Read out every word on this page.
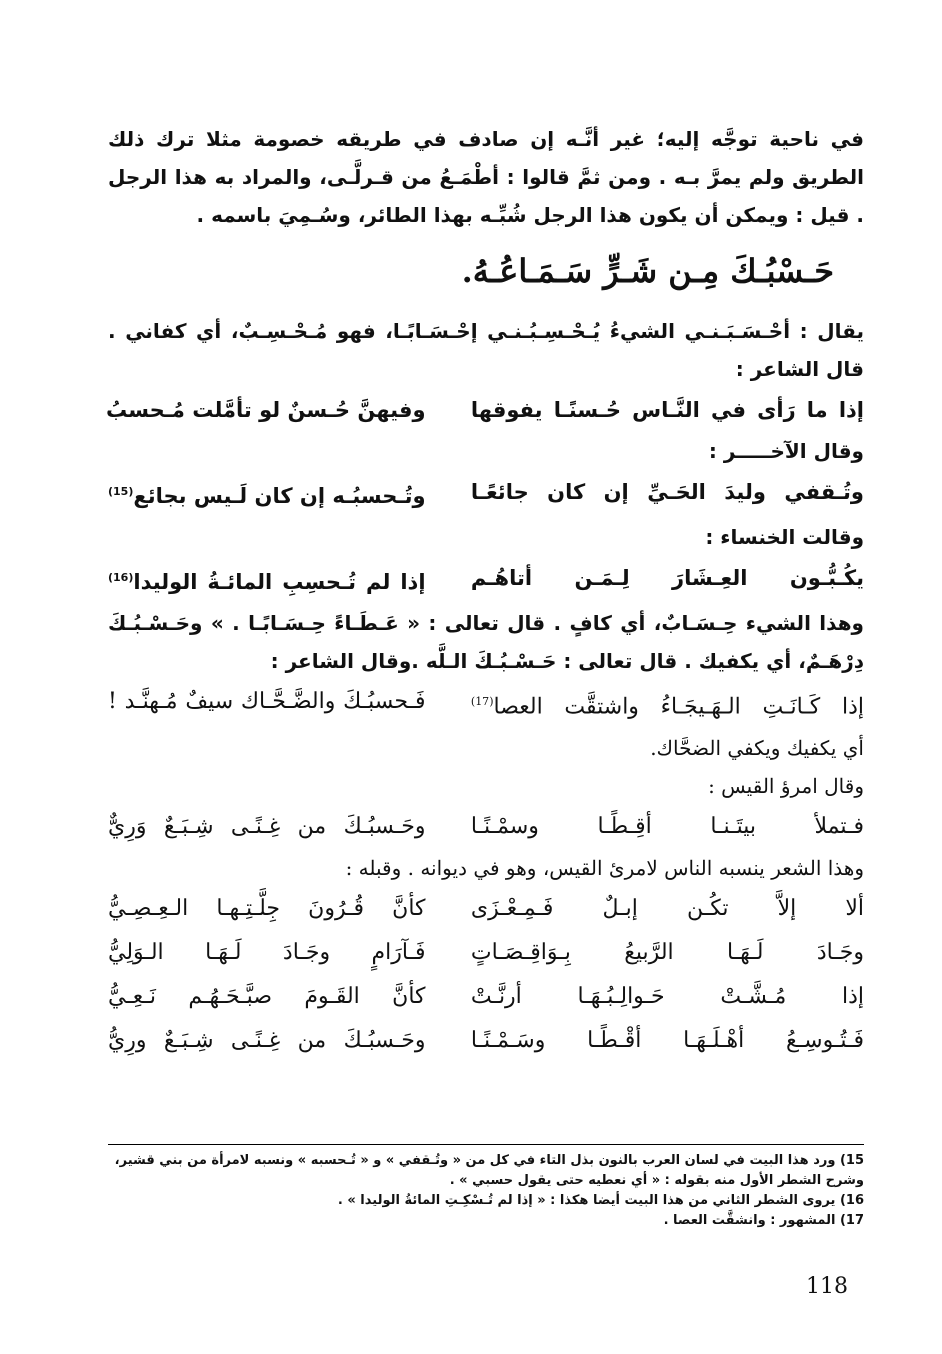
في ناحية توجَّه إليه؛ غير أنَّـه إن صادف في طريقه خصومة مثلا ترك ذلك الطريق ولم يمرَّ بـه . ومن ثمَّ قالوا : أطْمَـعُ من قـرلَّـى، والمراد به هذا الرجل . قيل : ويمكن أن يكون هذا الرجل شُبِّـه بهذا الطائر، وسُـمِيَ باسمه .

حَـسْبُـكَ مِـن شَـرٍّ سَـمَـاعُـهُ.

يقال : أحْـسَـبَـنـي الشيءُ يُـحْـسِـبُـنـي إحْـسَـابًـا، فهو مُـحْـسِـبٌ، أي كفاني . قال الشاعر :

إذا ما رَأى في النَّـاس حُـسنًـا يفوقها
وفيهنَّ حُـسنٌ لو تأمَّلت مُـحسبُ

وقال الآخـــــر :

وتُـقفي وليدَ الحَـيِّ إن كان جائعًـا
وتُـحسبُـه إن كان لَـيس بجائع$^{(15)}$

وقالت الخنساء :

يكُـبُّـون العِـشَارَ لِـمَـن أتاهُـم
إذا لم تُـحسِبِ المائـةُ الوليدا$^{(16)}$

وهذا الشيء حِـسَـابٌ، أي كافٍ . قال تعالى : « عَـطَـاءً حِـسَـابًـا . » وحَـسْـبُـكَ دِرْهَـمٌ، أي يكفيك . قال تعالى : حَـسْـبُـكَ الـلَّه .وقال الشاعر :

إذا كَـانَـتِ الـهَـيجَـاءُ واشتقَّت العصا$^{(17)}$
فَـحسبُـكَ والضَّـحَّـاك سيفٌ مُـهنَّـد !

أي يكفيك ويكفي الضحَّاك.

وقال امرؤ القيس :

فـتملأ بيتَـنـا أقِـطًـا وسمْـنًـا
وحَـسبُـكَ من غِـنًـى شِـبَـعٌ وَرِيٌّ

وهذا الشعر ينسبه الناس لامرئ القيس، وهو في ديوانه . وقبله :

ألا إلاَّ تكُـن إبـلٌ فَـمِـعْـزَى
كأنَّ قُـرُونَ جِلَّـتِـهـا الـعِـصِـيُّ
وجَـادَ لَـهَـا الرَّبيعُ بِـوَاقِـصَـاتٍ
فَـآرَامٍ وجَـادَ لَـهَـا الـوَلِيُّ
إذا مُـشَّـتْ حَـوالِـبُـهَـا أرنَّـتْ
كأنَّ القَـومَ صبَّـحَـهُـم نَـعِـيُّ
فَـتُـوسِـعُ أهْـلَـهَـا أقْـطًـا وسَـمْـنًـا
وحَـسبُـكَ من غِـنًـى شِـبَـعٌ ورِيُّ

15) ورد هذا البيت في لسان العرب بالنون بذل التاء في كل من « وتُـقفي » و « تُـحسبه » ونسبه لامرأة من بني قشير، وشرح الشطر الأول منه بقوله : « أي نعطيه حتى يقول حسبي » .

16) يروى الشطر الثاني من هذا البيت أيضا هكذا : « إذا لم تُـسْكِـتِ المائةُ الوليدا » .

17) المشهور : وانشقَّت العصا .

118
